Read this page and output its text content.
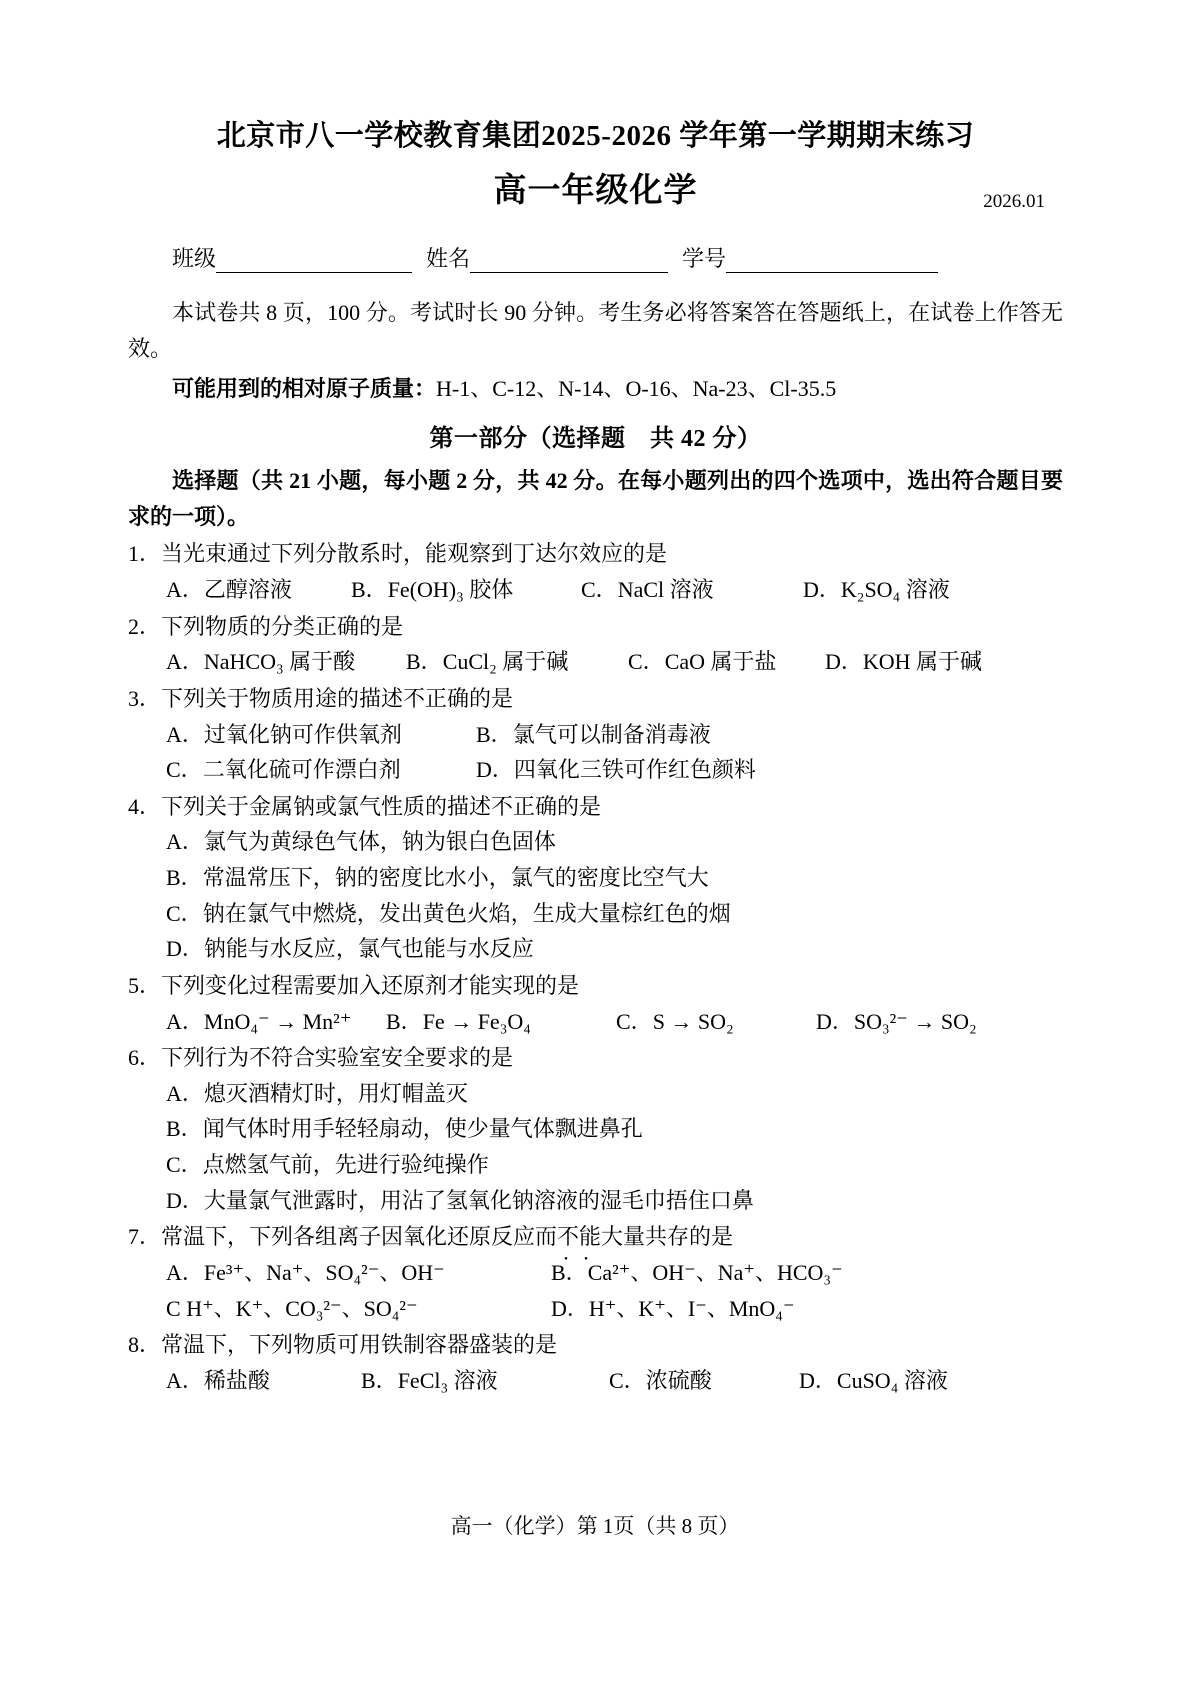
北京市八一学校教育集团2025-2026 学年第一学期期末练习
高一年级化学	2026.01
班级	姓名	学号

本试卷共 8 页，100 分。考试时长 90 分钟。考生务必将答案答在答题纸上，在试卷上作答无效。

可能用到的相对原子质量：H-1、C-12、N-14、O-16、Na-23、Cl-35.5

第一部分（选择题　共 42 分）

选择题（共 21 小题，每小题 2 分，共 42 分。在每小题列出的四个选项中，选出符合题目要求的一项）。

1．当光束通过下列分散系时，能观察到丁达尔效应的是

A．乙醇溶液	B．Fe(OH)₃ 胶体	C．NaCl 溶液	D．K₂SO₄ 溶液

2．下列物质的分类正确的是

A．NaHCO₃ 属于酸	B．CuCl₂ 属于碱	C．CaO 属于盐	D．KOH 属于碱

3．下列关于物质用途的描述不正确的是

A．过氧化钠可作供氧剂	B．氯气可以制备消毒液
C．二氧化硫可作漂白剂	D．四氧化三铁可作红色颜料

4．下列关于金属钠或氯气性质的描述不正确的是

A．氯气为黄绿色气体，钠为银白色固体
B．常温常压下，钠的密度比水小，氯气的密度比空气大
C．钠在氯气中燃烧，发出黄色火焰，生成大量棕红色的烟
D．钠能与水反应，氯气也能与水反应

5．下列变化过程需要加入还原剂才能实现的是

A．MnO₄⁻ → Mn²⁺	B．Fe → Fe₃O₄	C．S → SO₂	D．SO₃²⁻ → SO₂

6．下列行为不符合实验室安全要求的是

A．熄灭酒精灯时，用灯帽盖灭
B．闻气体时用手轻轻扇动，使少量气体飘进鼻孔
C．点燃氢气前，先进行验纯操作
D．大量氯气泄露时，用沾了氢氧化钠溶液的湿毛巾捂住口鼻

7．常温下，下列各组离子因氧化还原反应而不能 ・・大量共存的是

A．Fe³⁺、Na⁺、SO₄²⁻、OH⁻	B．Ca²⁺、OH⁻、Na⁺、HCO₃⁻
C H⁺、K⁺、CO₃²⁻、SO₄²⁻	D．H⁺、K⁺、I⁻、MnO₄⁻

8．常温下，下列物质可用铁制容器盛装的是

A．稀盐酸	B．FeCl₃ 溶液	C．浓硫酸	D．CuSO₄ 溶液
高一（化学）第 1页（共 8 页）
